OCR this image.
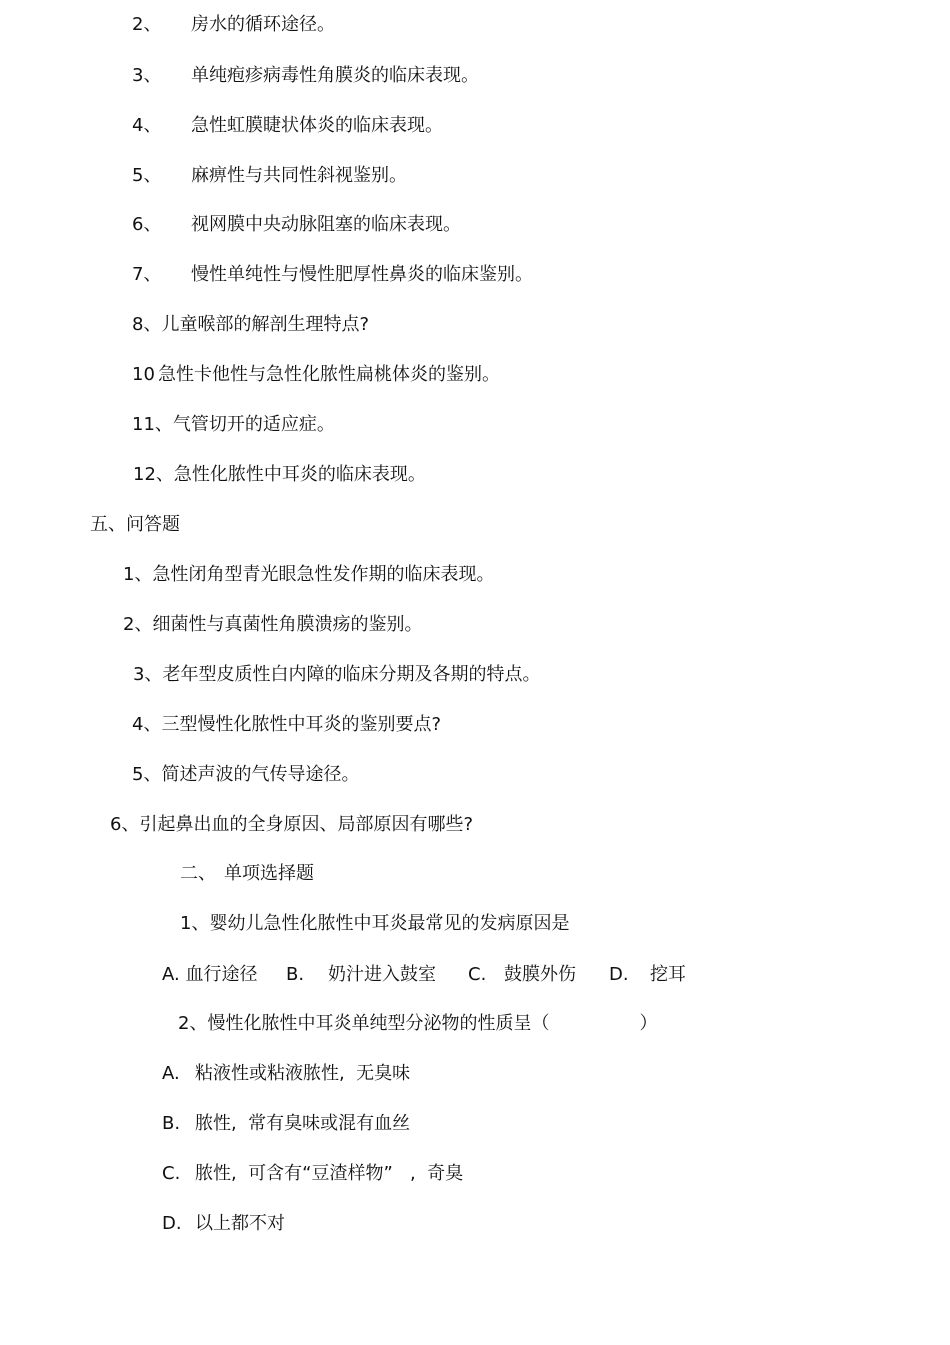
2、 房水的循环途径。
3、 单纯疱疹病毒性角膜炎的临床表现。
4、 急性虹膜睫状体炎的临床表现。
5、 麻痹性与共同性斜视鉴别。
6、 视网膜中央动脉阻塞的临床表现。
7、 慢性单纯性与慢性肥厚性鼻炎的临床鉴别。
8、儿童喉部的解剖生理特点?
10 急性卡他性与急性化脓性扁桃体炎的鉴别。
11、气管切开的适应症。
12、急性化脓性中耳炎的临床表现。
五、问答题
1、急性闭角型青光眼急性发作期的临床表现。
2、细菌性与真菌性角膜溃疡的鉴别。
3、老年型皮质性白内障的临床分期及各期的特点。
4、三型慢性化脓性中耳炎的鉴别要点?
5、简述声波的气传导途径。
6、引起鼻出血的全身原因、局部原因有哪些?
二、 单项选择题
1、婴幼儿急性化脓性中耳炎最常见的发病原因是
A. 血行途径 B. 奶汁进入鼓室 C. 鼓膜外伤 D. 挖耳
2、慢性化脓性中耳炎单纯型分泌物的性质呈（	）
A. 粘液性或粘液脓性,  无臭味
B. 脓性,  常有臭味或混有血丝
C. 脓性,  可含有“豆渣样物”   ,  奇臭
D. 以上都不对
